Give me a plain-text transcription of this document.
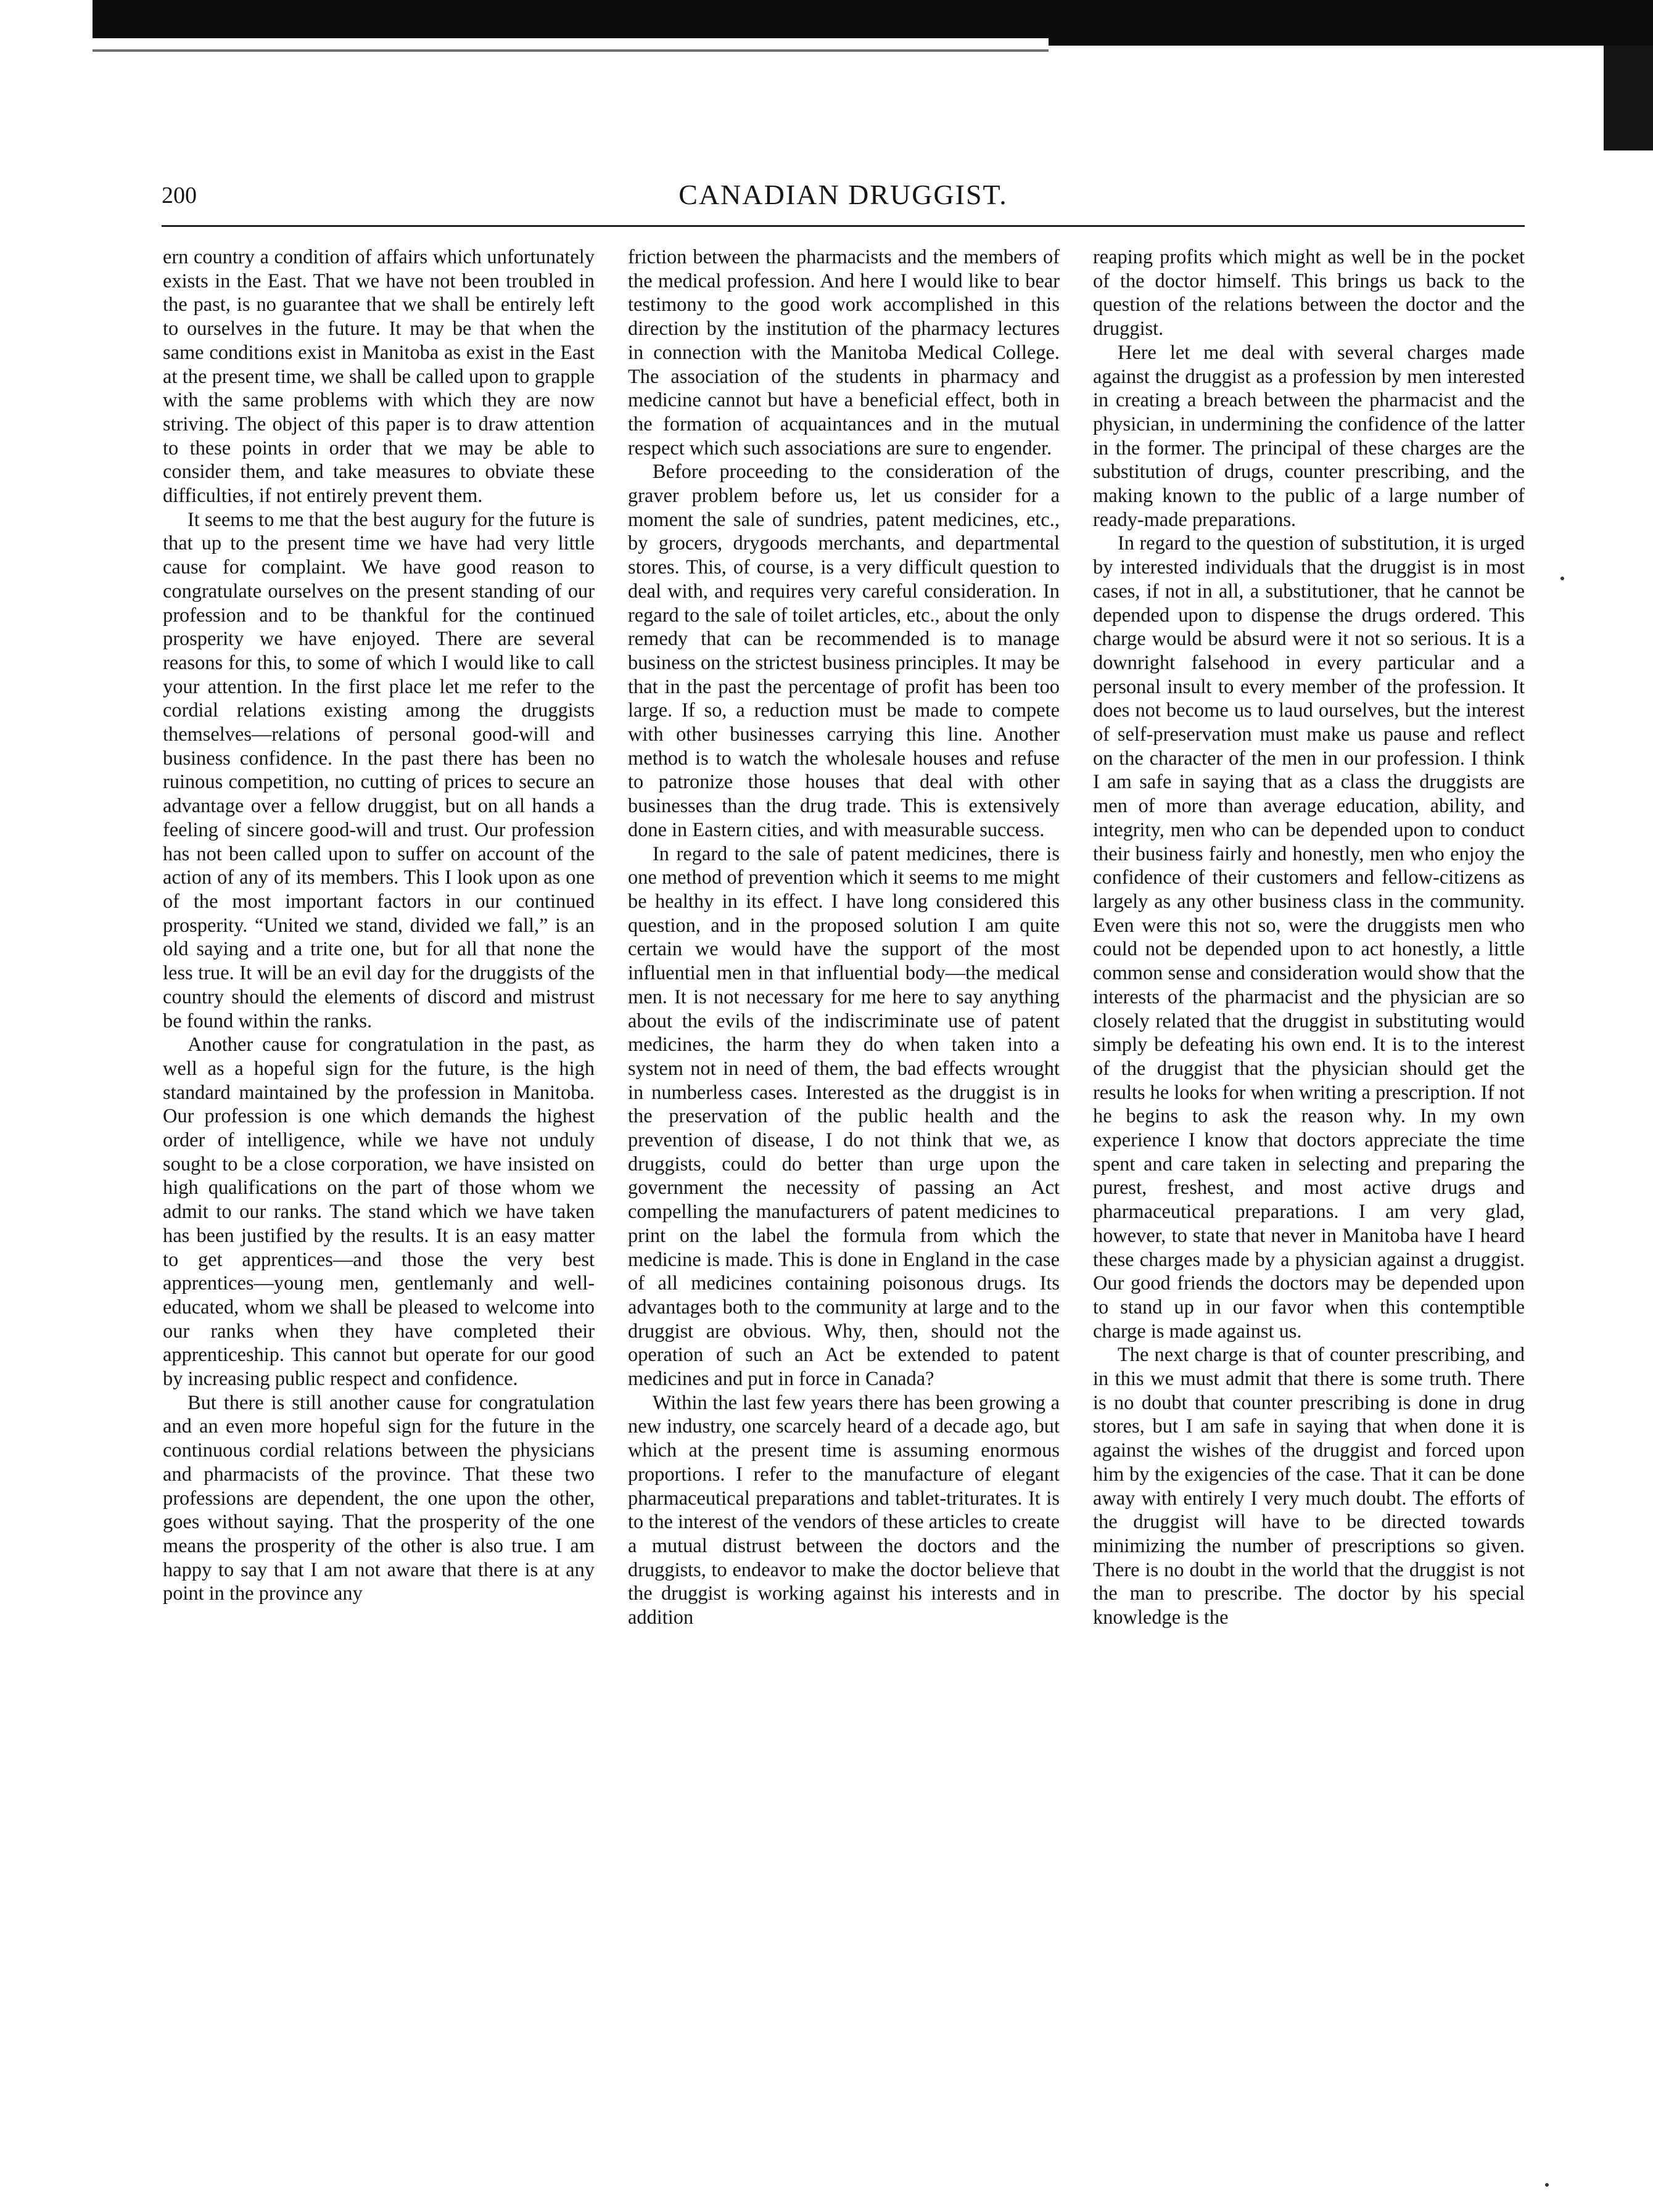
200	CANADIAN DRUGGIST.

ern country a condition of affairs which unfortunately exists in the East. That we have not been troubled in the past, is no guarantee that we shall be entirely left to ourselves in the future. It may be that when the same conditions exist in Manitoba as exist in the East at the present time, we shall be called upon to grapple with the same problems with which they are now striving. The object of this paper is to draw attention to these points in order that we may be able to consider them, and take measures to obviate these difficulties, if not entirely prevent them.

It seems to me that the best augury for the future is that up to the present time we have had very little cause for complaint. We have good reason to congratulate ourselves on the present standing of our profession and to be thankful for the continued prosperity we have enjoyed. There are several reasons for this, to some of which I would like to call your attention. In the first place let me refer to the cordial relations existing among the druggists themselves—relations of personal good-will and business confidence. In the past there has been no ruinous competition, no cutting of prices to secure an advantage over a fellow druggist, but on all hands a feeling of sincere good-will and trust. Our profession has not been called upon to suffer on account of the action of any of its members. This I look upon as one of the most important factors in our continued prosperity. “United we stand, divided we fall,” is an old saying and a trite one, but for all that none the less true. It will be an evil day for the druggists of the country should the elements of discord and mistrust be found within the ranks.

Another cause for congratulation in the past, as well as a hopeful sign for the future, is the high standard maintained by the profession in Manitoba. Our profession is one which demands the highest order of intelligence, while we have not unduly sought to be a close corporation, we have insisted on high qualifications on the part of those whom we admit to our ranks. The stand which we have taken has been justified by the results. It is an easy matter to get apprentices—and those the very best apprentices—young men, gentlemanly and well-educated, whom we shall be pleased to welcome into our ranks when they have completed their apprenticeship. This cannot but operate for our good by increasing public respect and confidence.

But there is still another cause for congratulation and an even more hopeful sign for the future in the continuous cordial relations between the physicians and pharmacists of the province. That these two professions are dependent, the one upon the other, goes without saying. That the prosperity of the one means the prosperity of the other is also true. I am happy to say that I am not aware that there is at any point in the province any

friction between the pharmacists and the members of the medical profession. And here I would like to bear testimony to the good work accomplished in this direction by the institution of the pharmacy lectures in connection with the Manitoba Medical College. The association of the students in pharmacy and medicine cannot but have a beneficial effect, both in the formation of acquaintances and in the mutual respect which such associations are sure to engender.

Before proceeding to the consideration of the graver problem before us, let us consider for a moment the sale of sundries, patent medicines, etc., by grocers, drygoods merchants, and departmental stores. This, of course, is a very difficult question to deal with, and requires very careful consideration. In regard to the sale of toilet articles, etc., about the only remedy that can be recommended is to manage business on the strictest business principles. It may be that in the past the percentage of profit has been too large. If so, a reduction must be made to compete with other businesses carrying this line. Another method is to watch the wholesale houses and refuse to patronize those houses that deal with other businesses than the drug trade. This is extensively done in Eastern cities, and with measurable success.

In regard to the sale of patent medicines, there is one method of prevention which it seems to me might be healthy in its effect. I have long considered this question, and in the proposed solution I am quite certain we would have the support of the most influential men in that influential body—the medical men. It is not necessary for me here to say anything about the evils of the indiscriminate use of patent medicines, the harm they do when taken into a system not in need of them, the bad effects wrought in numberless cases. Interested as the druggist is in the preservation of the public health and the prevention of disease, I do not think that we, as druggists, could do better than urge upon the government the necessity of passing an Act compelling the manufacturers of patent medicines to print on the label the formula from which the medicine is made. This is done in England in the case of all medicines containing poisonous drugs. Its advantages both to the community at large and to the druggist are obvious. Why, then, should not the operation of such an Act be extended to patent medicines and put in force in Canada?

Within the last few years there has been growing a new industry, one scarcely heard of a decade ago, but which at the present time is assuming enormous proportions. I refer to the manufacture of elegant pharmaceutical preparations and tablet-triturates. It is to the interest of the vendors of these articles to create a mutual distrust between the doctors and the druggists, to endeavor to make the doctor believe that the druggist is working against his interests and in addition

reaping profits which might as well be in the pocket of the doctor himself. This brings us back to the question of the relations between the doctor and the druggist.

Here let me deal with several charges made against the druggist as a profession by men interested in creating a breach between the pharmacist and the physician, in undermining the confidence of the latter in the former. The principal of these charges are the substitution of drugs, counter prescribing, and the making known to the public of a large number of ready-made preparations.

In regard to the question of substitution, it is urged by interested individuals that the druggist is in most cases, if not in all, a substitutioner, that he cannot be depended upon to dispense the drugs ordered. This charge would be absurd were it not so serious. It is a downright falsehood in every particular and a personal insult to every member of the profession. It does not become us to laud ourselves, but the interest of self-preservation must make us pause and reflect on the character of the men in our profession. I think I am safe in saying that as a class the druggists are men of more than average education, ability, and integrity, men who can be depended upon to conduct their business fairly and honestly, men who enjoy the confidence of their customers and fellow-citizens as largely as any other business class in the community. Even were this not so, were the druggists men who could not be depended upon to act honestly, a little common sense and consideration would show that the interests of the pharmacist and the physician are so closely related that the druggist in substituting would simply be defeating his own end. It is to the interest of the druggist that the physician should get the results he looks for when writing a prescription. If not he begins to ask the reason why. In my own experience I know that doctors appreciate the time spent and care taken in selecting and preparing the purest, freshest, and most active drugs and pharmaceutical preparations. I am very glad, however, to state that never in Manitoba have I heard these charges made by a physician against a druggist. Our good friends the doctors may be depended upon to stand up in our favor when this contemptible charge is made against us.

The next charge is that of counter prescribing, and in this we must admit that there is some truth. There is no doubt that counter prescribing is done in drug stores, but I am safe in saying that when done it is against the wishes of the druggist and forced upon him by the exigencies of the case. That it can be done away with entirely I very much doubt. The efforts of the druggist will have to be directed towards minimizing the number of prescriptions so given. There is no doubt in the world that the druggist is not the man to prescribe. The doctor by his special knowledge is the
